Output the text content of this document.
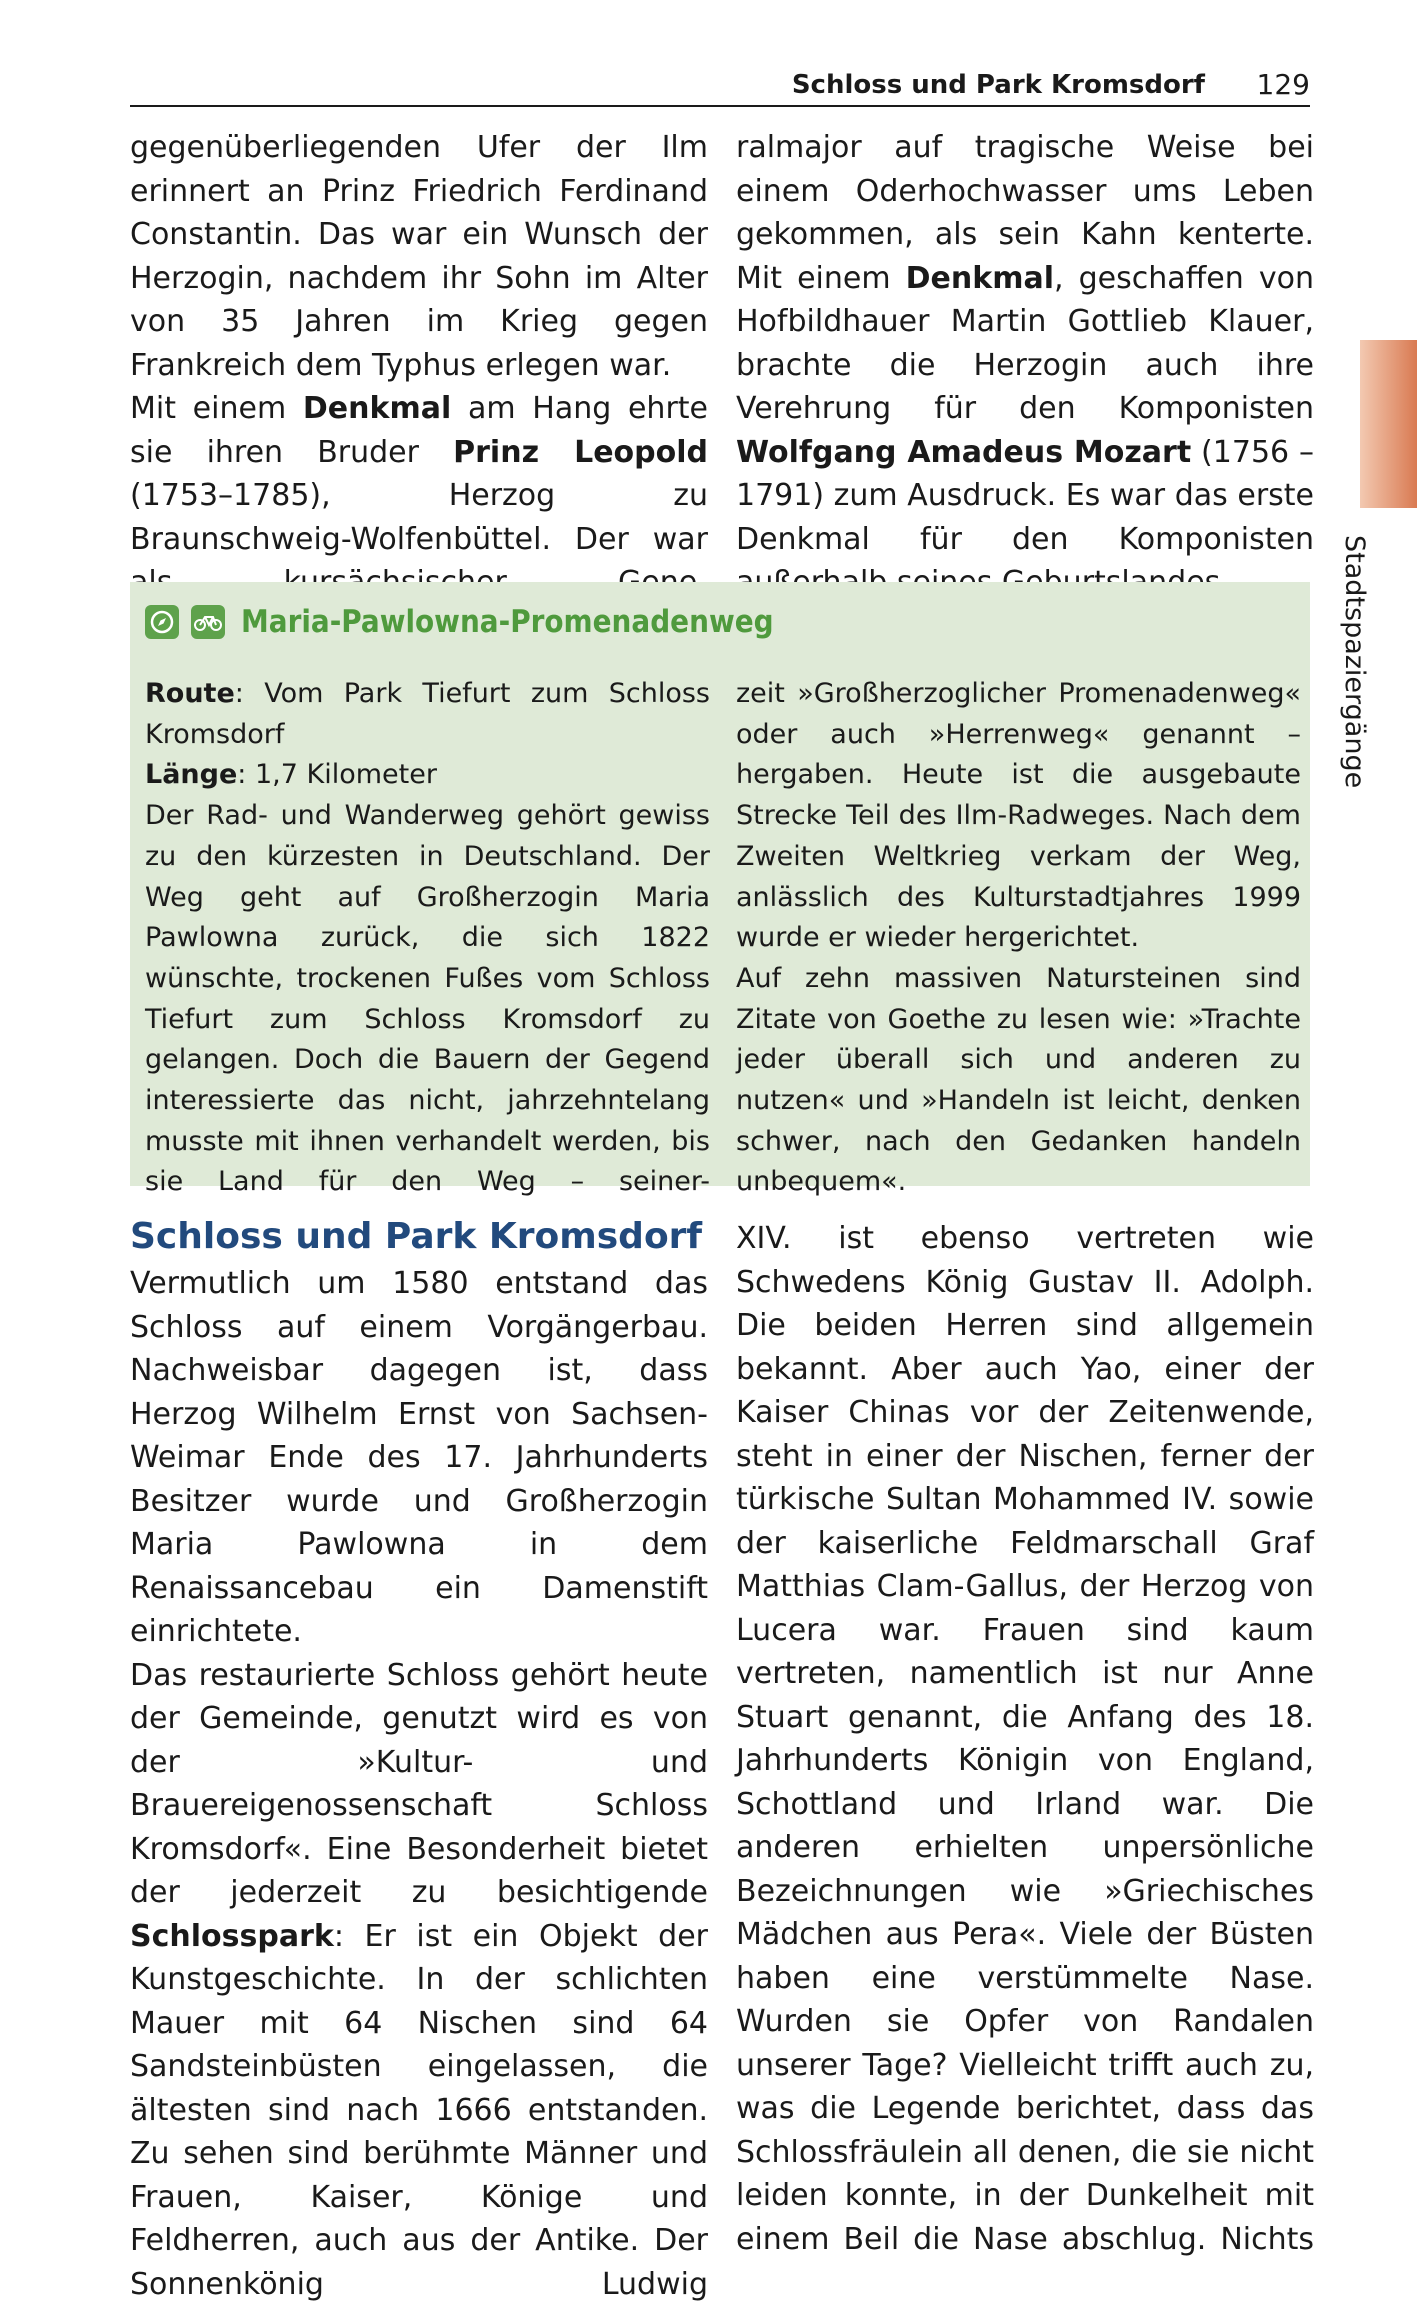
Schloss und Park Kromsdorf 129
Stadtspaziergänge

gegenüberliegenden Ufer der Ilm erinnert an Prinz Friedrich Ferdinand Constantin. Das war ein Wunsch der Herzogin, nachdem ihr Sohn im Alter von 35 Jahren im Krieg gegen Frankreich dem Typhus erlegen war.

Mit einem Denkmal am Hang ehrte sie ihren Bruder Prinz Leopold (1753–1785), Herzog zu Braunschweig-Wolfenbüttel. Der war

ralmajor auf tragische Weise bei einem Oderhochwasser ums Leben gekommen, als sein Kahn kenterte. Mit einem Denkmal, geschaffen von Hofbildhauer Martin Gottlieb Klauer, brachte die Herzogin auch ihre Verehrung für den Komponisten Wolfgang Amadeus Mozart (1756 –1791) zum Ausdruck. Es war das erste Denkmal für den Komponisten

Maria-Pawlowna-Promenadenweg

Route: Vom Park Tiefurt zum Schloss Kromsdorf

Länge: 1,7 Kilometer

Der Rad- und Wanderweg gehört gewiss zu den kürzesten in Deutschland. Der Weg geht auf Großherzogin Maria Pawlowna zurück, die sich 1822 wünschte, trockenen Fußes vom Schloss Tiefurt zum Schloss Kromsdorf zu gelangen. Doch die Bauern der Gegend interessierte das nicht, jahrzehntelang musste mit ihnen verhandelt werden, bis sie Land für den Weg – seiner-

zeit »Großherzoglicher Promenadenweg« oder auch »Herrenweg« genannt – hergaben. Heute ist die ausgebaute Strecke Teil des Ilm-Radweges. Nach dem Zweiten Weltkrieg verkam der Weg, anlässlich des Kulturstadtjahres 1999 wurde er wieder hergerichtet.

Auf zehn massiven Natursteinen sind Zitate von Goethe zu lesen wie: »Trachte jeder überall sich und anderen zu nutzen« und »Handeln ist leicht, denken schwer, nach den Gedanken handeln unbequem«.

Schloss und Park Kromsdorf

Vermutlich um 1580 entstand das Schloss auf einem Vorgängerbau. Nachweisbar dagegen ist, dass Herzog Wilhelm Ernst von Sachsen-Weimar Ende des 17. Jahrhunderts Besitzer wurde und Großherzogin Maria Pawlowna in dem Renaissancebau ein Damenstift einrichtete.

Das restaurierte Schloss gehört heute der Gemeinde, genutzt wird es von der »Kultur- und Brauereigenossenschaft Schloss Kromsdorf«. Eine Besonderheit bietet der jederzeit zu besichtigende Schlosspark: Er ist ein Objekt der Kunstgeschichte. In der schlichten Mauer mit 64 Nischen sind 64 Sandsteinbüsten eingelassen, die ältesten sind nach 1666 entstanden. Zu sehen sind berühmte Männer und Frauen, Kaiser, Könige und Feldherren, auch aus der Antike. Der Sonnenkönig Ludwig

XIV. ist ebenso vertreten wie Schwedens König Gustav II. Adolph. Die beiden Herren sind allgemein bekannt. Aber auch Yao, einer der Kaiser Chinas vor der Zeitenwende, steht in einer der Nischen, ferner der türkische Sultan Mohammed IV. sowie der kaiserliche Feldmarschall Graf Matthias Clam-Gallus, der Herzog von Lucera war. Frauen sind kaum vertreten, namentlich ist nur Anne Stuart genannt, die Anfang des 18. Jahrhunderts Königin von England, Schottland und Irland war. Die anderen erhielten unpersönliche Bezeichnungen wie »Griechisches Mädchen aus Pera«. Viele der Büsten haben eine verstümmelte Nase. Wurden sie Opfer von Randalen unserer Tage? Vielleicht trifft auch zu, was die Legende berichtet, dass das Schlossfräulein all denen, die sie nicht leiden konnte, in der Dunkelheit mit einem Beil die Nase abschlug. Nichts
